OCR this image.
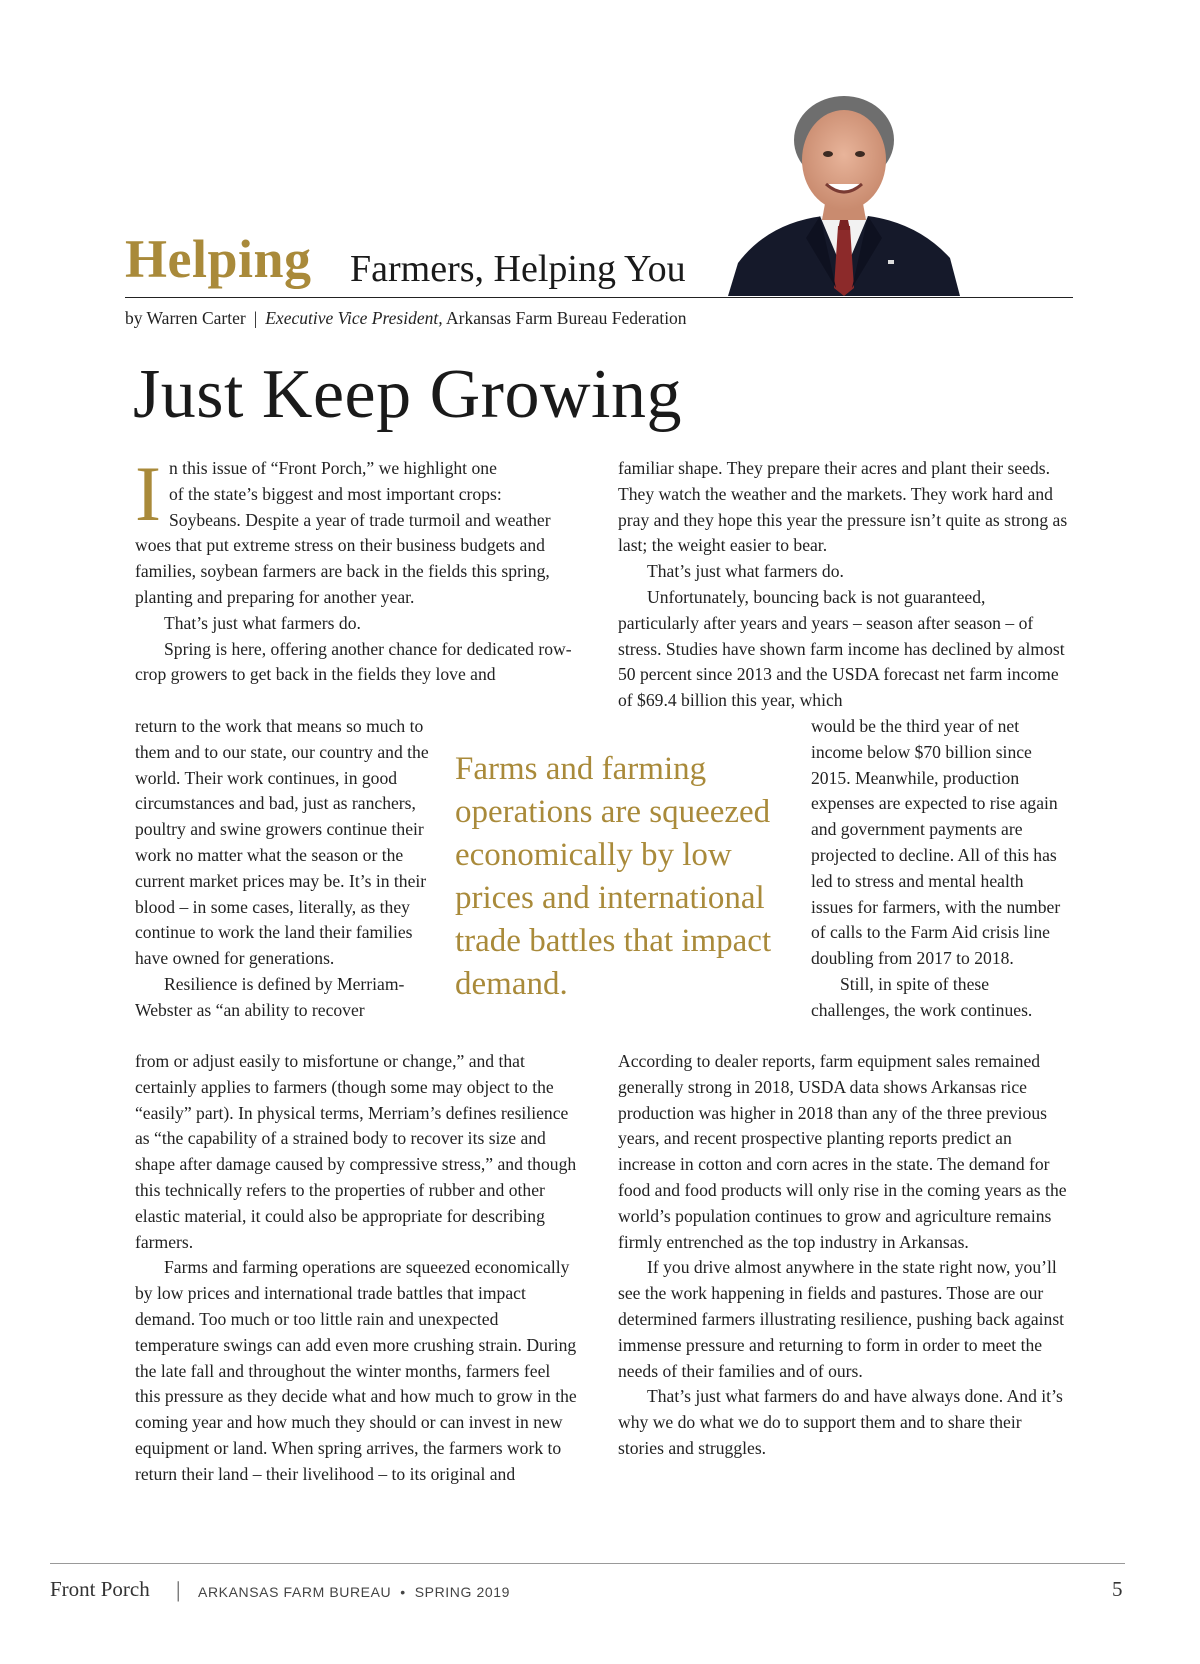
Helping Farmers, Helping You
by Warren Carter | Executive Vice President, Arkansas Farm Bureau Federation
Just Keep Growing

I n this issue of “Front Porch,” we highlight one
of the state’s biggest and most important crops:
Soybeans. Despite a year of trade turmoil and weather woes that put extreme stress on their business budgets and families, soybean farmers are back in the fields this spring, planting and preparing for another year.

That’s just what farmers do.

Spring is here, offering another chance for dedicated row-crop growers to get back in the fields they love and

return to the work that means so much to them and to our state, our country and the world. Their work continues, in good circumstances and bad, just as ranchers, poultry and swine growers continue their work no matter what the season or the current market prices may be. It’s in their blood – in some cases, literally, as they continue to work the land their families have owned for generations.

Resilience is defined by Merriam-Webster as “an ability to recover

from or adjust easily to misfortune or change,” and that certainly applies to farmers (though some may object to the “easily” part). In physical terms, Merriam’s defines resilience as “the capability of a strained body to recover its size and shape after damage caused by compressive stress,” and though this technically refers to the properties of rubber and other elastic material, it could also be appropriate for describing farmers.

Farms and farming operations are squeezed economically by low prices and international trade battles that impact demand. Too much or too little rain and unexpected temperature swings can add even more crushing strain. During the late fall and throughout the winter months, farmers feel this pressure as they decide what and how much to grow in the coming year and how much they should or can invest in new equipment or land. When spring arrives, the farmers work to return their land – their livelihood – to its original and

Farms and farming operations are squeezed economically by low prices and international trade battles that impact demand.

familiar shape. They prepare their acres and plant their seeds. They watch the weather and the markets. They work hard and pray and they hope this year the pressure isn’t quite as strong as last; the weight easier to bear.

That’s just what farmers do.

Unfortunately, bouncing back is not guaranteed, particularly after years and years – season after season – of stress. Studies have shown farm income has declined by almost 50 percent since 2013 and the USDA forecast net farm income of $69.4 billion this year, which

would be the third year of net income below $70 billion since 2015. Meanwhile, production expenses are expected to rise again and government payments are projected to decline. All of this has led to stress and mental health issues for farmers, with the number of calls to the Farm Aid crisis line doubling from 2017 to 2018.

Still, in spite of these challenges, the work continues.

According to dealer reports, farm equipment sales remained generally strong in 2018, USDA data shows Arkansas rice production was higher in 2018 than any of the three previous years, and recent prospective planting reports predict an increase in cotton and corn acres in the state. The demand for food and food products will only rise in the coming years as the world’s population continues to grow and agriculture remains firmly entrenched as the top industry in Arkansas.

If you drive almost anywhere in the state right now, you’ll see the work happening in fields and pastures. Those are our determined farmers illustrating resilience, pushing back against immense pressure and returning to form in order to meet the needs of their families and of ours.

That’s just what farmers do and have always done. And it’s why we do what we do to support them and to share their stories and struggles.

Front Porch | ARKANSAS FARM BUREAU  •  SPRING 2019	5
